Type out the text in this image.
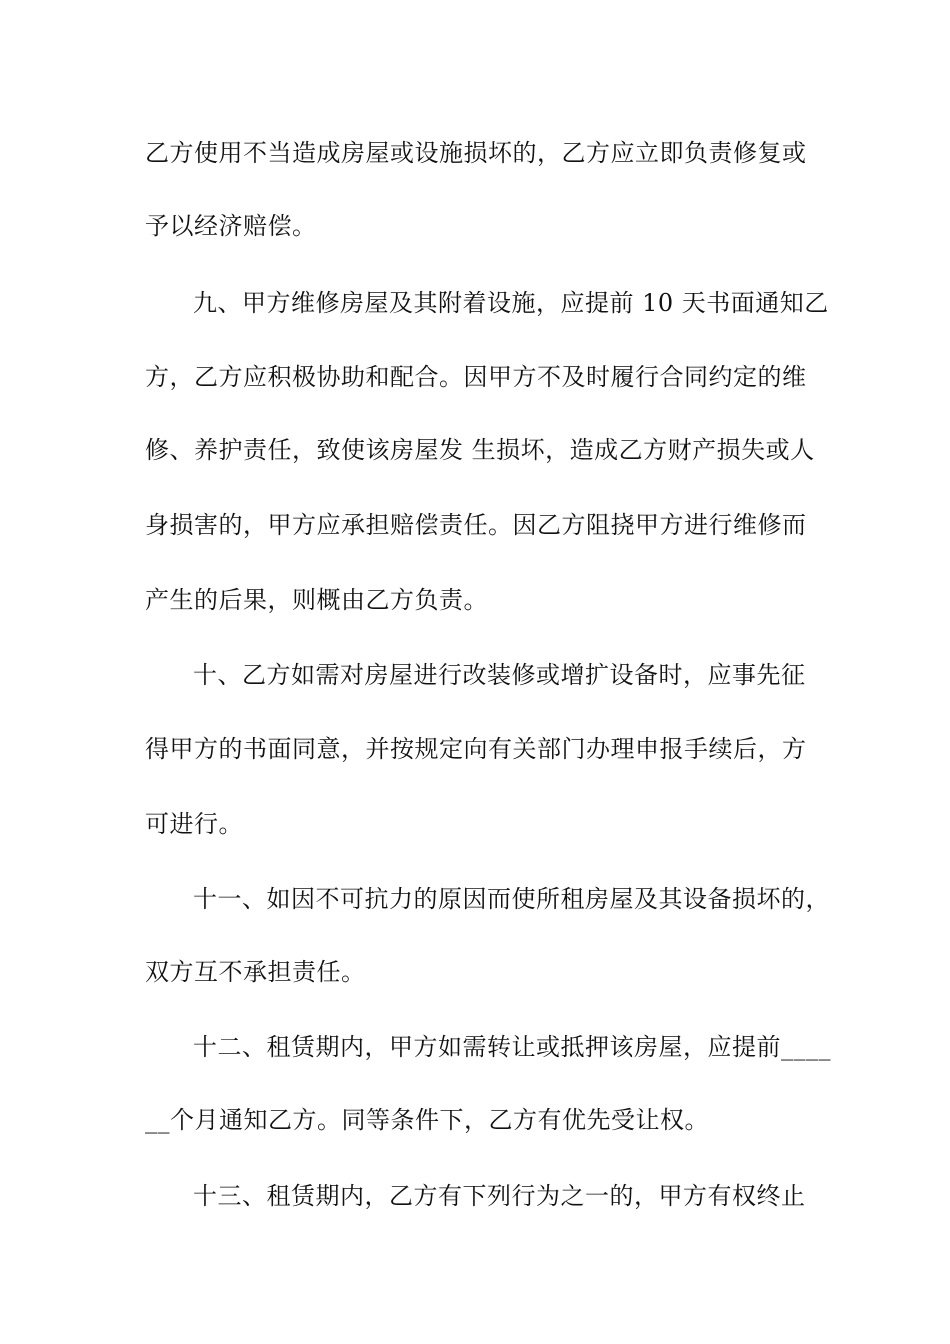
乙方使用不当造成房屋或设施损坏的，乙方应立即负责修复或
予以经济赔偿。
九、甲方维修房屋及其附着设施，应提前 10 天书面通知乙
方，乙方应积极协助和配合。因甲方不及时履行合同约定的维
修、养护责任，致使该房屋发 生损坏，造成乙方财产损失或人
身损害的，甲方应承担赔偿责任。因乙方阻挠甲方进行维修而
产生的后果，则概由乙方负责。
十、乙方如需对房屋进行改装修或增扩设备时，应事先征
得甲方的书面同意，并按规定向有关部门办理申报手续后，方
可进行。
十一、如因不可抗力的原因而使所租房屋及其设备损坏的，
双方互不承担责任。
十二、租赁期内，甲方如需转让或抵押该房屋，应提前____
__个月通知乙方。同等条件下，乙方有优先受让权。
十三、租赁期内，乙方有下列行为之一的，甲方有权终止
